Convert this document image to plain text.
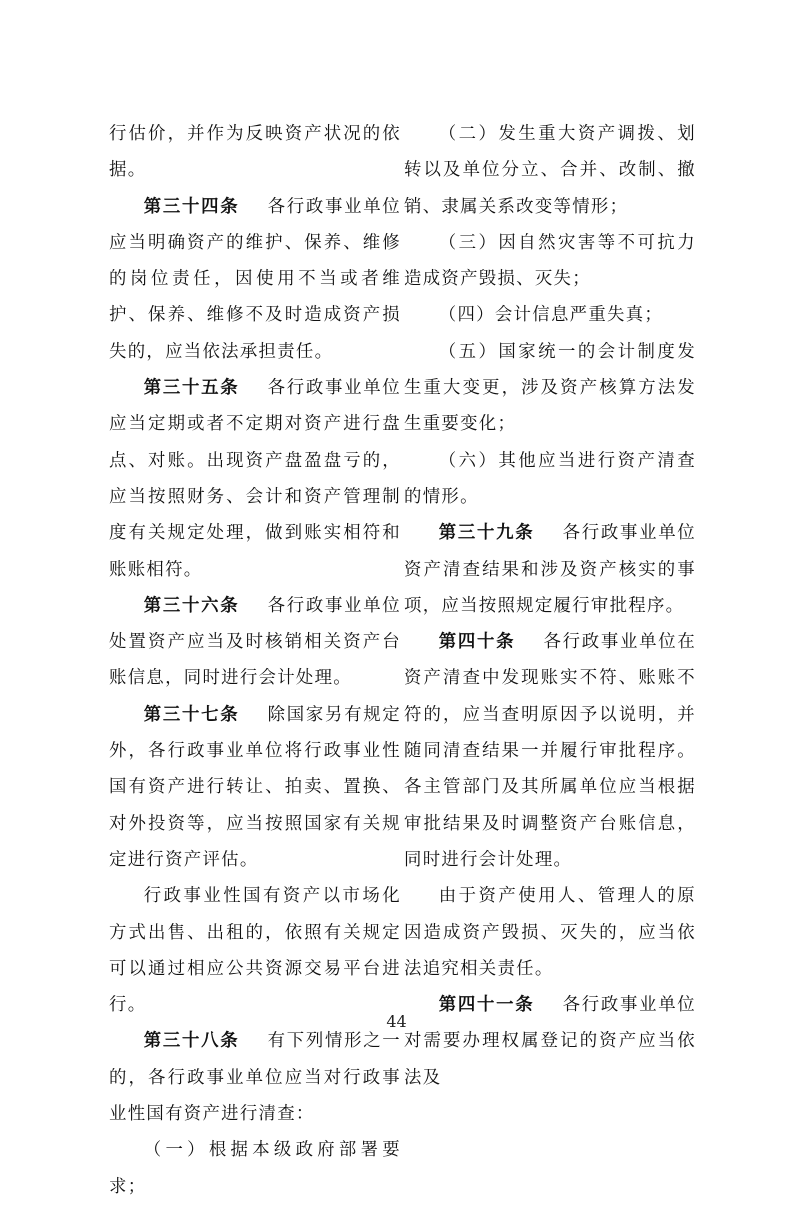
行估价，并作为反映资产状况的依据。

第三十四条 各行政事业单位应当明确资产的维护、保养、维修的岗位责任，因使用不当或者维护、保养、维修不及时造成资产损失的，应当依法承担责任。

第三十五条 各行政事业单位应当定期或者不定期对资产进行盘点、对账。出现资产盘盈盘亏的，应当按照财务、会计和资产管理制度有关规定处理，做到账实相符和账账相符。

第三十六条 各行政事业单位处置资产应当及时核销相关资产台账信息，同时进行会计处理。

第三十七条 除国家另有规定外，各行政事业单位将行政事业性国有资产进行转让、拍卖、置换、对外投资等，应当按照国家有关规定进行资产评估。

行政事业性国有资产以市场化方式出售、出租的，依照有关规定可以通过相应公共资源交易平台进行。

第三十八条 有下列情形之一的，各行政事业单位应当对行政事业性国有资产进行清查：

（一）根据本级政府部署要求；

（二）发生重大资产调拨、划转以及单位分立、合并、改制、撤销、隶属关系改变等情形；

（三）因自然灾害等不可抗力造成资产毁损、灭失；

（四）会计信息严重失真；

（五）国家统一的会计制度发生重大变更，涉及资产核算方法发生重要变化；

（六）其他应当进行资产清查的情形。

第三十九条 各行政事业单位资产清查结果和涉及资产核实的事项，应当按照规定履行审批程序。

第四十条 各行政事业单位在资产清查中发现账实不符、账账不符的，应当查明原因予以说明，并随同清查结果一并履行审批程序。各主管部门及其所属单位应当根据审批结果及时调整资产台账信息，同时进行会计处理。

由于资产使用人、管理人的原因造成资产毁损、灭失的，应当依法追究相关责任。

第四十一条 各行政事业单位对需要办理权属登记的资产应当依法及

44
